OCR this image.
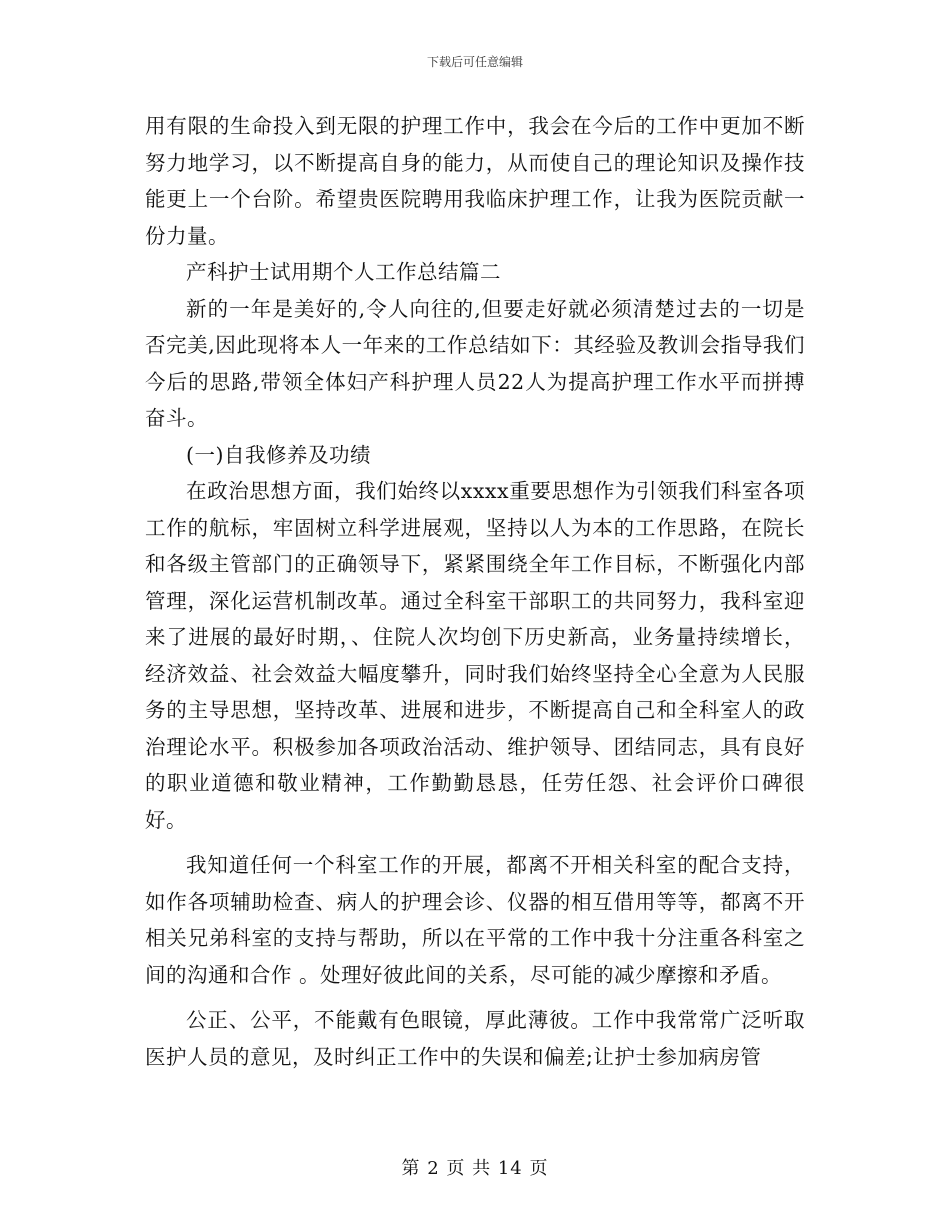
下载后可任意编辑

用有限的生命投入到无限的护理工作中，我会在今后的工作中更加不断努力地学习，以不断提高自身的能力，从而使自己的理论知识及操作技能更上一个台阶。希望贵医院聘用我临床护理工作，让我为医院贡献一份力量。

产科护士试用期个人工作总结篇二

新的一年是美好的,令人向往的,但要走好就必须清楚过去的一切是否完美,因此现将本人一年来的工作总结如下：其经验及教训会指导我们今后的思路,带领全体妇产科护理人员22人为提高护理工作水平而拼搏奋斗。

(一)自我修养及功绩

在政治思想方面，我们始终以xxxx重要思想作为引领我们科室各项工作的航标，牢固树立科学进展观，坚持以人为本的工作思路，在院长和各级主管部门的正确领导下，紧紧围绕全年工作目标，不断强化内部管理，深化运营机制改革。通过全科室干部职工的共同努力，我科室迎来了进展的最好时期，、住院人次均创下历史新高，业务量持续增长，经济效益、社会效益大幅度攀升，同时我们始终坚持全心全意为人民服务的主导思想，坚持改革、进展和进步，不断提高自己和全科室人的政治理论水平。积极参加各项政治活动、维护领导、团结同志，具有良好的职业道德和敬业精神，工作勤勤恳恳，任劳任怨、社会评价口碑很好。

我知道任何一个科室工作的开展，都离不开相关科室的配合支持，如作各项辅助检查、病人的护理会诊、仪器的相互借用等等，都离不开相关兄弟科室的支持与帮助，所以在平常的工作中我十分注重各科室之间的沟通和合作 。处理好彼此间的关系，尽可能的减少摩擦和矛盾。

公正、公平，不能戴有色眼镜，厚此薄彼。工作中我常常广泛听取医护人员的意见，及时纠正工作中的失误和偏差;让护士参加病房管

第 2 页 共 14 页
